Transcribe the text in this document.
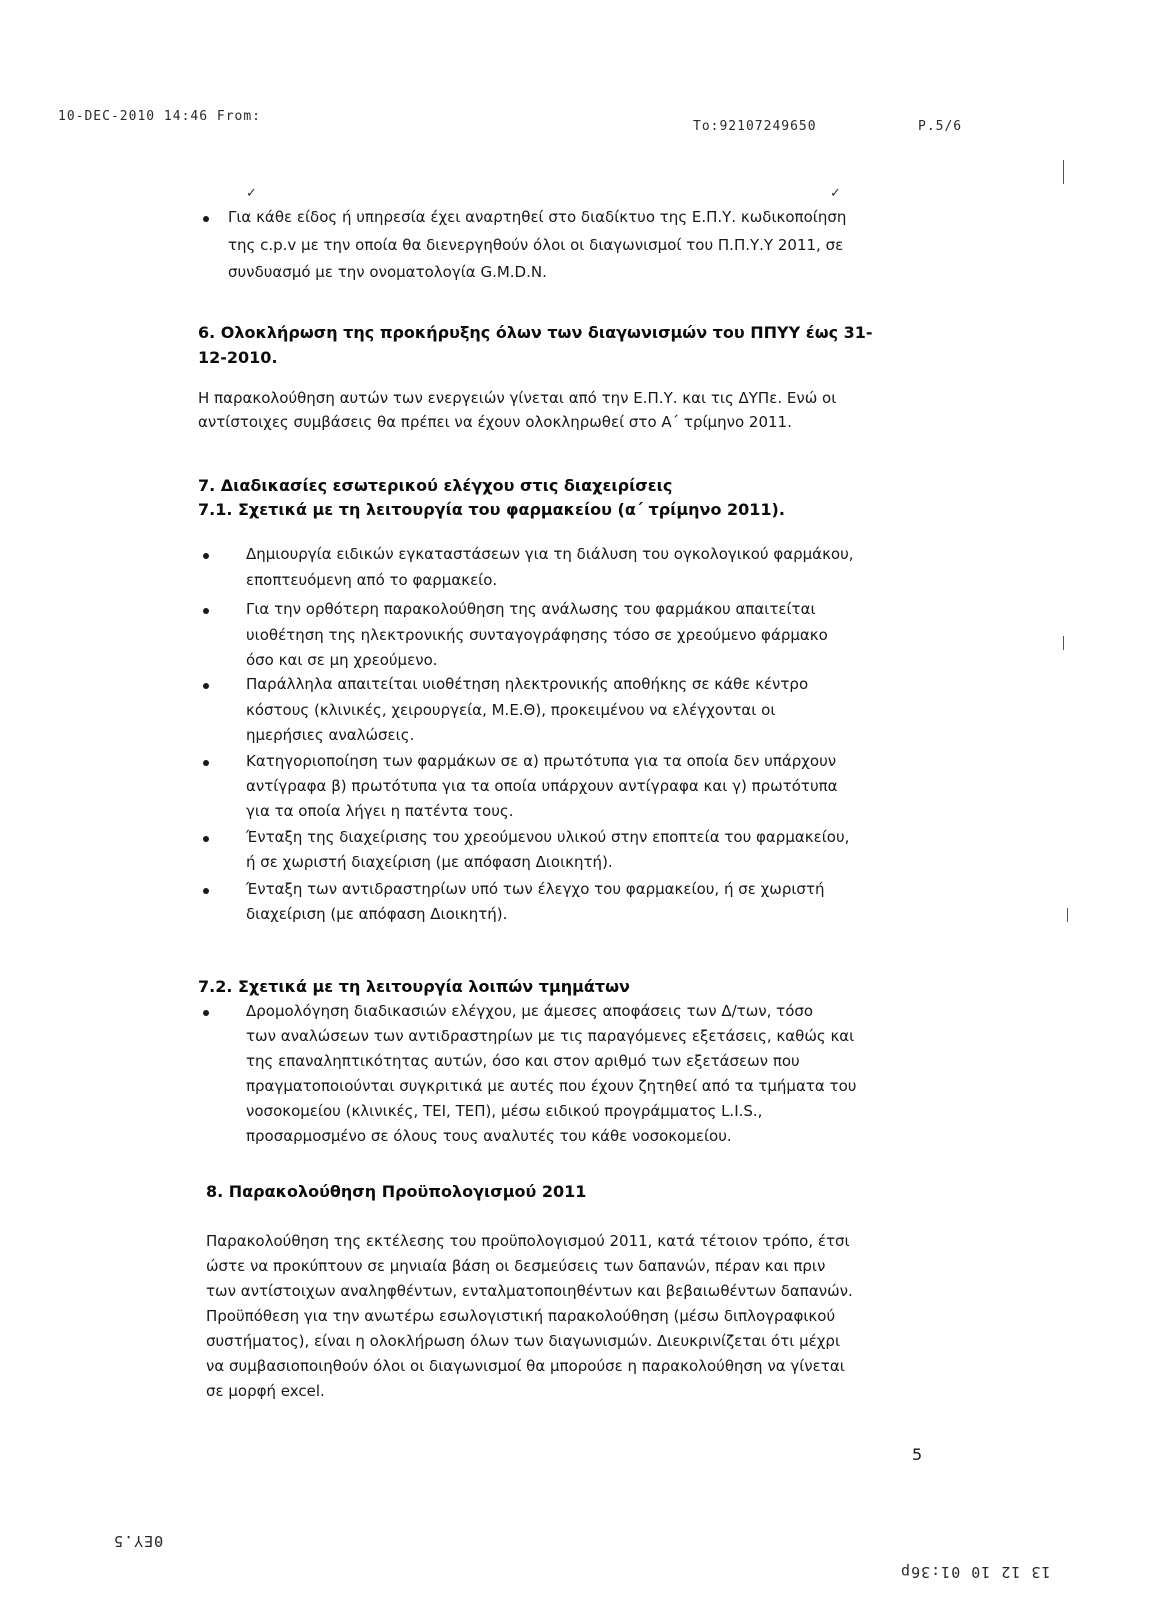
10-DEC-2010 14:46 From:
To:92107249650	P.5/6
✓	✓
Για κάθε είδος ή υπηρεσία έχει αναρτηθεί στο διαδίκτυο της Ε.Π.Υ. κωδικοποίηση
της c.p.v με την οποία θα διενεργηθούν όλοι οι διαγωνισμοί του Π.Π.Υ.Υ 2011, σε
συνδυασμό με την ονοματολογία G.M.D.N.
6. Ολοκλήρωση της προκήρυξης όλων των διαγωνισμών του ΠΠΥΥ έως 31-
12-2010.
Η παρακολούθηση αυτών των ενεργειών γίνεται από την Ε.Π.Υ. και τις ΔΥΠε. Ενώ οι
αντίστοιχες συμβάσεις θα πρέπει να έχουν ολοκληρωθεί στο Α΄ τρίμηνο 2011.
7. Διαδικασίες εσωτερικού ελέγχου στις διαχειρίσεις
7.1. Σχετικά με τη λειτουργία του φαρμακείου (α΄ τρίμηνο 2011).
Δημιουργία ειδικών εγκαταστάσεων για τη διάλυση του ογκολογικού φαρμάκου,
εποπτευόμενη από το φαρμακείο.
Για την ορθότερη παρακολούθηση της ανάλωσης του φαρμάκου απαιτείται
υιοθέτηση της ηλεκτρονικής συνταγογράφησης τόσο σε χρεούμενο φάρμακο
όσο και σε μη χρεούμενο.
Παράλληλα απαιτείται υιοθέτηση ηλεκτρονικής αποθήκης σε κάθε κέντρο
κόστους (κλινικές, χειρουργεία, Μ.Ε.Θ), προκειμένου να ελέγχονται οι
ημερήσιες αναλώσεις.
Κατηγοριοποίηση των φαρμάκων σε α) πρωτότυπα για τα οποία δεν υπάρχουν
αντίγραφα β) πρωτότυπα για τα οποία υπάρχουν αντίγραφα και γ) πρωτότυπα
για τα οποία λήγει η πατέντα τους.
Ένταξη της διαχείρισης του χρεούμενου υλικού στην εποπτεία του φαρμακείου,
ή σε χωριστή διαχείριση (με απόφαση Διοικητή).
Ένταξη των αντιδραστηρίων υπό των έλεγχο του φαρμακείου, ή σε χωριστή
διαχείριση (με απόφαση Διοικητή).
7.2. Σχετικά με τη λειτουργία λοιπών τμημάτων
Δρομολόγηση διαδικασιών ελέγχου, με άμεσες αποφάσεις των Δ/των, τόσο
των αναλώσεων των αντιδραστηρίων με τις παραγόμενες εξετάσεις, καθώς και
της επαναληπτικότητας αυτών, όσο και στον αριθμό των εξετάσεων που
πραγματοποιούνται συγκριτικά με αυτές που έχουν ζητηθεί από τα τμήματα του
νοσοκομείου (κλινικές, ΤΕΙ, ΤΕΠ), μέσω ειδικού προγράμματος L.I.S.,
προσαρμοσμένο σε όλους τους αναλυτές του κάθε νοσοκομείου.
8. Παρακολούθηση Προϋπολογισμού 2011
Παρακολούθηση της εκτέλεσης του προϋπολογισμού 2011, κατά τέτοιον τρόπο, έτσι
ώστε να προκύπτουν σε μηνιαία βάση οι δεσμεύσεις των δαπανών, πέραν και πριν
των αντίστοιχων αναληφθέντων, ενταλματοποιηθέντων και βεβαιωθέντων δαπανών.
Προϋπόθεση για την ανωτέρω εσωλογιστική παρακολούθηση (μέσω διπλογραφικού
συστήματος), είναι η ολοκλήρωση όλων των διαγωνισμών. Διευκρινίζεται ότι μέχρι
να συμβασιοποιηθούν όλοι οι διαγωνισμοί θα μπορούσε η παρακολούθηση να γίνεται
σε μορφή excel.
5
ΘΕΥ.5
13 12 10 01:36p
